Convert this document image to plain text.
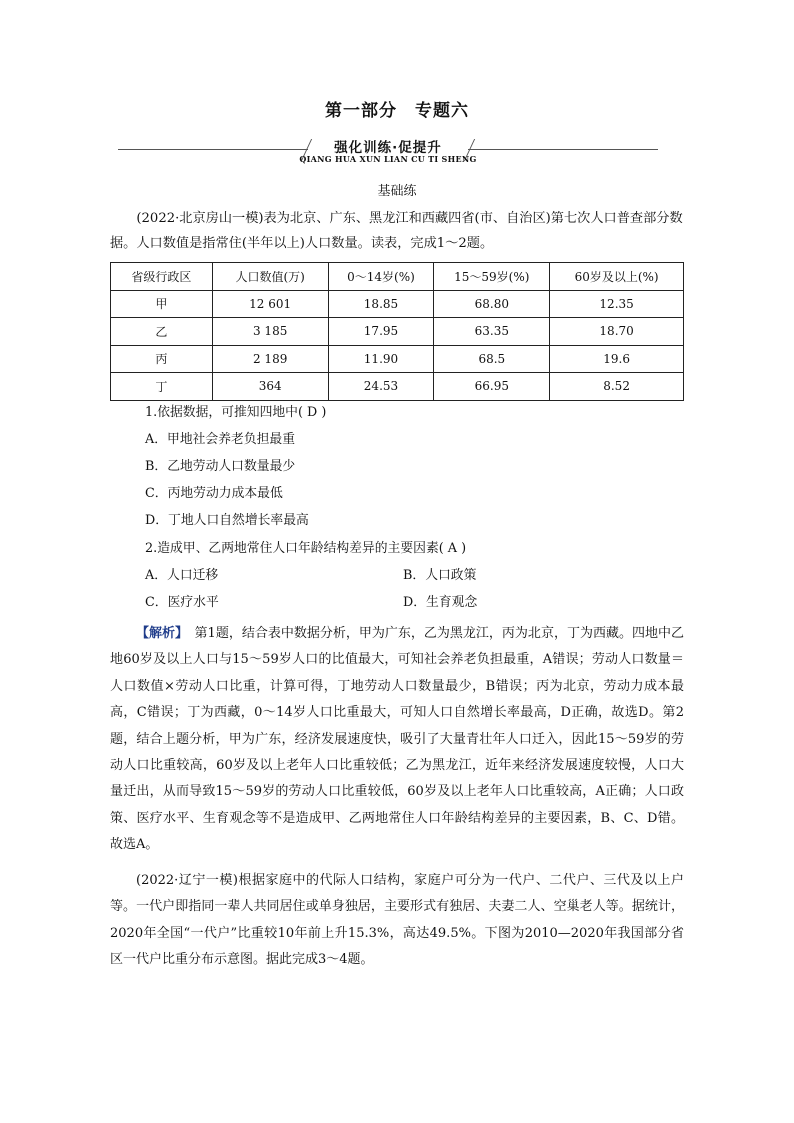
第一部分　专题六
强化训练·促提升
QIANG HUA XUN LIAN CU TI SHENG
基础练

(2022·北京房山一模)表为北京、广东、黑龙江和西藏四省(市、自治区)第七次人口普查部分数据。人口数值是指常住(半年以上)人口数量。读表，完成1～2题。

省级行政区	人口数值(万)	0～14岁(%)	15～59岁(%)	60岁及以上(%)
甲	12 601	18.85	68.80	12.35
乙	3 185	17.95	63.35	18.70
丙	2 189	11.90	68.5	19.6
丁	364	24.53	66.95	8.52
1.依据数据，可推知四地中( D )
A．甲地社会养老负担最重
B．乙地劳动人口数量最少
C．丙地劳动力成本最低
D．丁地人口自然增长率最高
2.造成甲、乙两地常住人口年龄结构差异的主要因素( A )
A．人口迁移	B．人口政策
C．医疗水平	D．生育观念

【解析】　 第1题，结合表中数据分析，甲为广东，乙为黑龙江，丙为北京，丁为西藏。四地中乙地60岁及以上人口与15～59岁人口的比值最大，可知社会养老负担最重，A错误；劳动人口数量＝人口数值×劳动人口比重，计算可得，丁地劳动人口数量最少，B错误；丙为北京，劳动力成本最高，C错误；丁为西藏，0～14岁人口比重最大，可知人口自然增长率最高，D正确，故选D。第2题，结合上题分析，甲为广东，经济发展速度快，吸引了大量青壮年人口迁入，因此15～59岁的劳动人口比重较高，60岁及以上老年人口比重较低；乙为黑龙江，近年来经济发展速度较慢，人口大量迁出，从而导致15～59岁的劳动人口比重较低，60岁及以上老年人口比重较高，A正确；人口政策、医疗水平、生育观念等不是造成甲、乙两地常住人口年龄结构差异的主要因素，B、C、D错。故选A。

(2022·辽宁一模)根据家庭中的代际人口结构，家庭户可分为一代户、二代户、三代及以上户等。一代户即指同一辈人共同居住或单身独居，主要形式有独居、夫妻二人、空巢老人等。据统计，2020年全国“一代户”比重较10年前上升15.3%，高达49.5%。下图为2010—2020年我国部分省区一代户比重分布示意图。据此完成3～4题。
